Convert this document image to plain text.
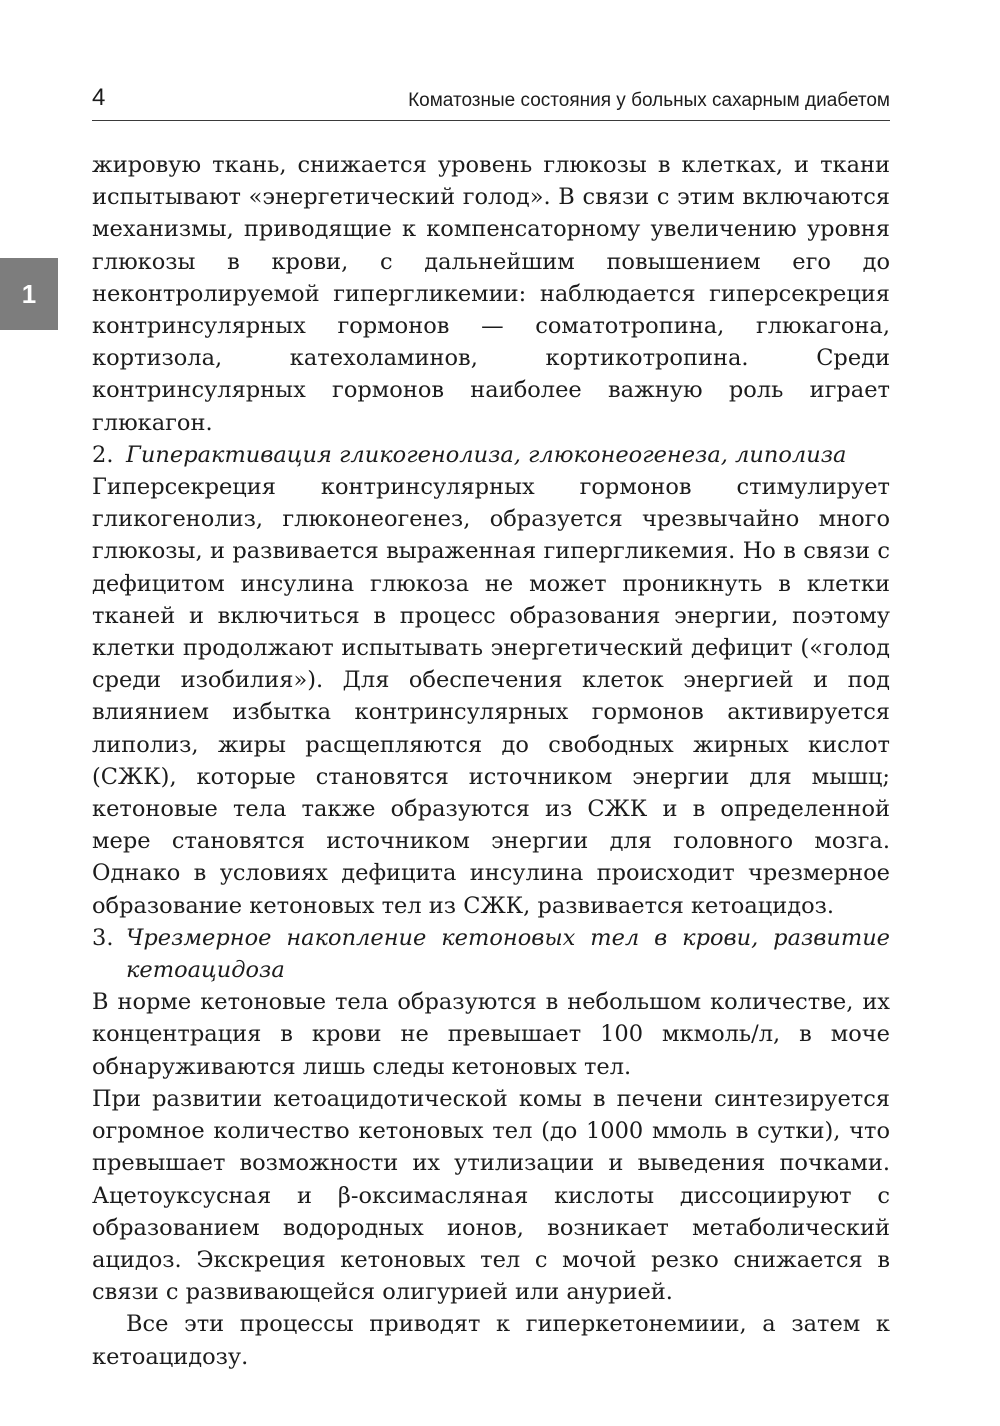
4	Коматозные состояния у больных сахарным диабетом
1

жировую ткань, снижается уровень глюкозы в клетках, и ткани испытывают «энергетический голод». В связи с этим включаются механизмы, приводящие к компенсаторному увеличению уровня глюкозы в крови, с дальнейшим повышением его до неконтролируемой гипергликемии: наблюдается гиперсекреция контринсулярных гормонов — соматотропина, глюкагона, кортизола, катехоламинов, кортикотропина. Среди контринсулярных гормонов наиболее важную роль играет глюкагон.

2. Гиперактивация гликогенолиза, глюконеогенеза, липолиза

Гиперсекреция контринсулярных гормонов стимулирует гликогенолиз, глюконеогенез, образуется чрезвычайно много глюкозы, и развивается выраженная гипергликемия. Но в связи с дефицитом инсулина глюкоза не может проникнуть в клетки тканей и включиться в процесс образования энергии, поэтому клетки продолжают испытывать энергетический дефицит («голод среди изобилия»). Для обеспечения клеток энергией и под влиянием избытка контринсулярных гормонов активируется липолиз, жиры расщепляются до свободных жирных кислот (СЖК), которые становятся источником энергии для мышц; кетоновые тела также образуются из СЖК и в определенной мере становятся источником энергии для головного мозга. Однако в условиях дефицита инсулина происходит чрезмерное образование кетоновых тел из СЖК, развивается кетоацидоз.

3. Чрезмерное накопление кетоновых тел в крови, развитие кетоацидоза

В норме кетоновые тела образуются в небольшом количестве, их концентрация в крови не превышает 100 мкмоль/л, в моче обнаруживаются лишь следы кетоновых тел.

При развитии кетоацидотической комы в печени синтезируется огромное количество кетоновых тел (до 1000 ммоль в сутки), что превышает возможности их утилизации и выведения почками. Ацетоуксусная и β-оксимасляная кислоты диссоциируют с образованием водородных ионов, возникает метаболический ацидоз. Экскреция кетоновых тел с мочой резко снижается в связи с развивающейся олигурией или анурией.

Все эти процессы приводят к гиперкетонемиии, а затем к кетоацидозу.
